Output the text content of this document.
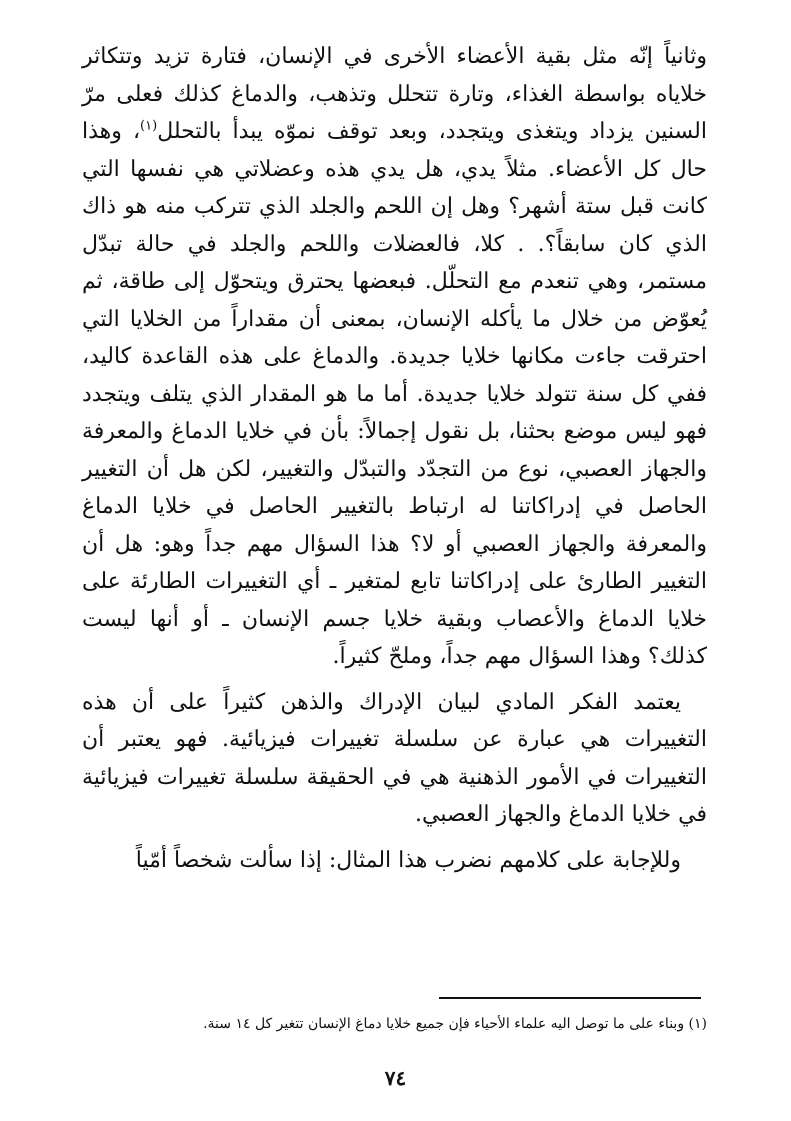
وثانياً إنّه مثل بقية الأعضاء الأخرى في الإنسان، فتارة تزيد وتتكاثر خلاياه بواسطة الغذاء، وتارة تتحلل وتذهب، والدماغ كذلك فعلى مرّ السنين يزداد ويتغذى ويتجدد، وبعد توقف نموّه يبدأ بالتحلل$^{(١)}$، وهذا حال كل الأعضاء. مثلاً يدي، هل يدي هذه وعضلاتي هي نفسها التي كانت قبل ستة أشهر؟ وهل إن اللحم والجلد الذي تتركب منه هو ذاك الذي كان سابقاً؟. . كلا، فالعضلات واللحم والجلد في حالة تبدّل مستمر، وهي تنعدم مع التحلّل. فبعضها يحترق ويتحوّل إلى طاقة، ثم يُعوّض من خلال ما يأكله الإنسان، بمعنى أن مقداراً من الخلايا التي احترقت جاءت مكانها خلايا جديدة. والدماغ على هذه القاعدة كاليد، ففي كل سنة تتولد خلايا جديدة. أما ما هو المقدار الذي يتلف ويتجدد فهو ليس موضع بحثنا، بل نقول إجمالاً: بأن في خلايا الدماغ والمعرفة والجهاز العصبي، نوع من التجدّد والتبدّل والتغيير، لكن هل أن التغيير الحاصل في إدراكاتنا له ارتباط بالتغيير الحاصل في خلايا الدماغ والمعرفة والجهاز العصبي أو لا؟ هذا السؤال مهم جداً وهو: هل أن التغيير الطارئ على إدراكاتنا تابع لمتغير ـ أي التغييرات الطارئة على خلايا الدماغ والأعصاب وبقية خلايا جسم الإنسان ـ أو أنها ليست كذلك؟ وهذا السؤال مهم جداً، وملحّ كثيراً.

يعتمد الفكر المادي لبيان الإدراك والذهن كثيراً على أن هذه التغييرات هي عبارة عن سلسلة تغييرات فيزيائية. فهو يعتبر أن التغييرات في الأمور الذهنية هي في الحقيقة سلسلة تغييرات فيزيائية في خلايا الدماغ والجهاز العصبي.

وللإجابة على كلامهم نضرب هذا المثال: إذا سألت شخصاً أمّياً

(١) وبناء على ما توصل اليه علماء الأحياء فإن جميع خلايا دماغ الإنسان تتغير كل ١٤ سنة.

٧٤
